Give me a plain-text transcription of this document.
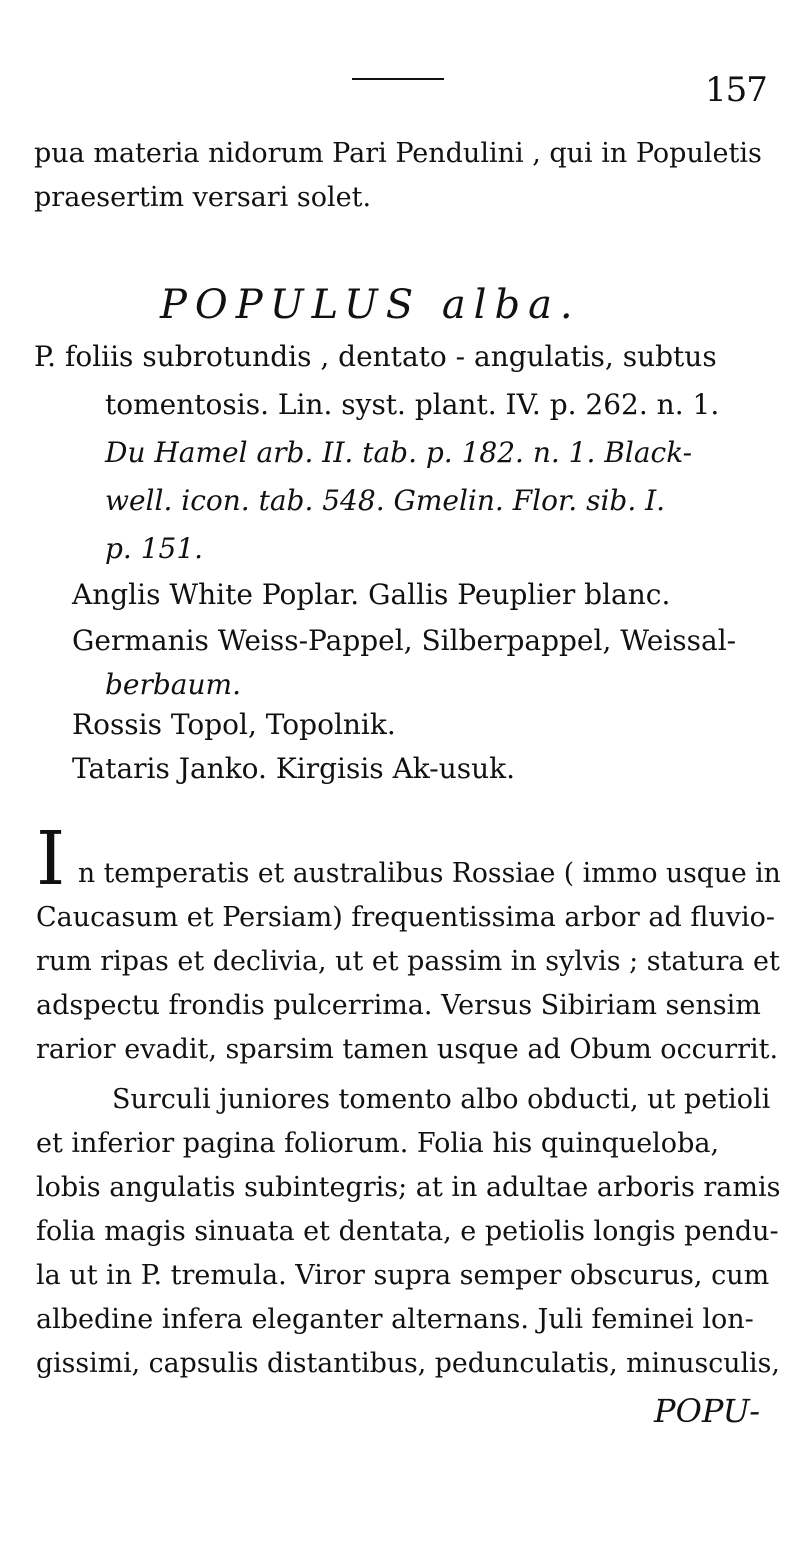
157
pua materia nidorum Pari Pendulini , qui in Populetis
praesertim versari solet.
POPULUS alba.
P. foliis subrotundis , dentato - angulatis, subtus
tomentosis. Lin. syst. plant. IV. p. 262. n. 1.
Du Hamel arb. II. tab. p. 182. n. 1. Black-
well. icon. tab. 548. Gmelin. Flor. sib. I.
p. 151.
Anglis White Poplar. Gallis Peuplier blanc.
Germanis Weiss-Pappel, Silberpappel, Weissal-
berbaum.
Rossis Topol, Topolnik.
Tataris Janko. Kirgisis Ak-usuk.
I n temperatis et australibus Rossiae ( immo usque in
Caucasum et Persiam) frequentissima arbor ad fluvio-
rum ripas et declivia, ut et passim in sylvis ; statura et
adspectu frondis pulcerrima. Versus Sibiriam sensim
rarior evadit, sparsim tamen usque ad Obum occurrit.
Surculi juniores tomento albo obducti, ut petioli
et inferior pagina foliorum. Folia his quinqueloba,
lobis angulatis subintegris; at in adultae arboris ramis
folia magis sinuata et dentata, e petiolis longis pendu-
la ut in P. tremula. Viror supra semper obscurus, cum
albedine infera eleganter alternans. Juli feminei lon-
gissimi, capsulis distantibus, pedunculatis, minusculis,
POPU-
